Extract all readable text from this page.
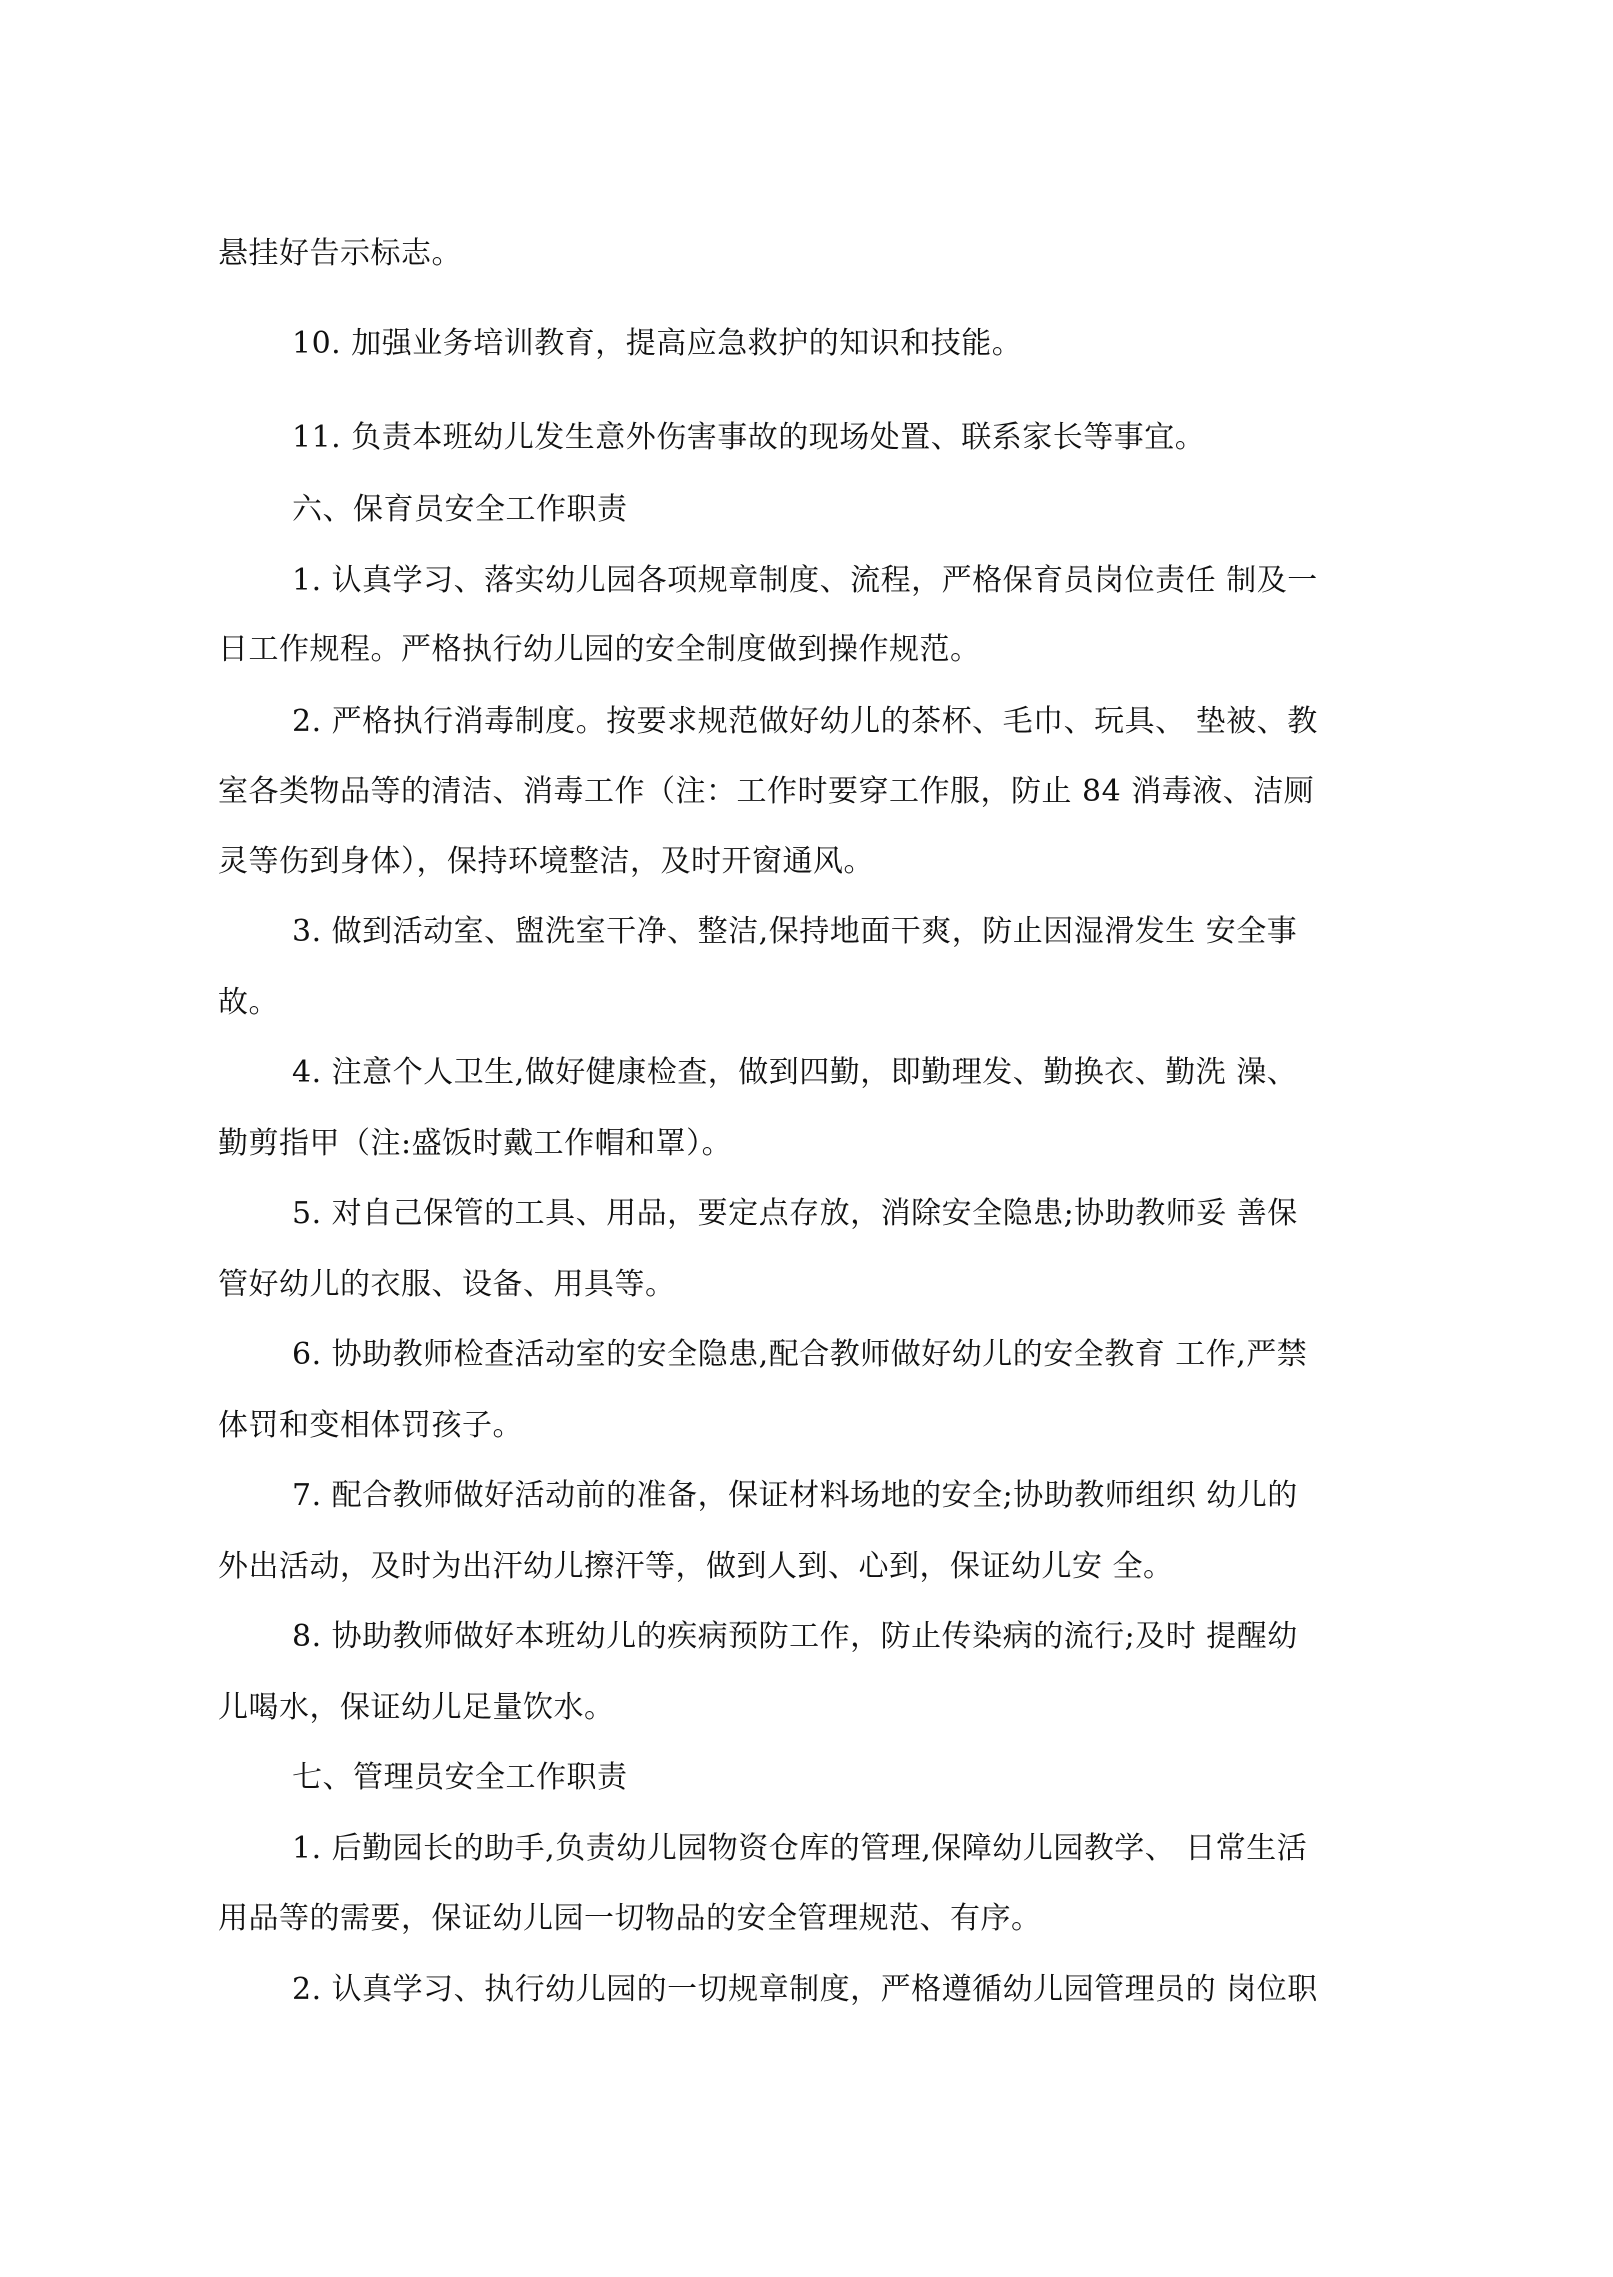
悬挂好告示标志。
10. 加强业务培训教育，提高应急救护的知识和技能。
11. 负责本班幼儿发生意外伤害事故的现场处置、联系家长等事宜。
六、保育员安全工作职责
1. 认真学习、落实幼儿园各项规章制度、流程，严格保育员岗位责任 制及一
日工作规程。严格执行幼儿园的安全制度做到操作规范。
2. 严格执行消毒制度。按要求规范做好幼儿的茶杯、毛巾、玩具、 垫被、教
室各类物品等的清洁、消毒工作（注：工作时要穿工作服，防止 84 消毒液、洁厕
灵等伤到身体），保持环境整洁，及时开窗通风。
3. 做到活动室、盥洗室干净、整洁,保持地面干爽，防止因湿滑发生 安全事
故。
4. 注意个人卫生,做好健康检查，做到四勤，即勤理发、勤换衣、勤洗 澡、
勤剪指甲（注:盛饭时戴工作帽和罩）。
5. 对自己保管的工具、用品，要定点存放，消除安全隐患;协助教师妥 善保
管好幼儿的衣服、设备、用具等。
6. 协助教师检查活动室的安全隐患,配合教师做好幼儿的安全教育 工作,严禁
体罚和变相体罚孩子。
7. 配合教师做好活动前的准备，保证材料场地的安全;协助教师组织 幼儿的
外出活动，及时为出汗幼儿擦汗等，做到人到、心到，保证幼儿安 全。
8. 协助教师做好本班幼儿的疾病预防工作，防止传染病的流行;及时 提醒幼
儿喝水，保证幼儿足量饮水。
七、管理员安全工作职责
1. 后勤园长的助手,负责幼儿园物资仓库的管理,保障幼儿园教学、 日常生活
用品等的需要，保证幼儿园一切物品的安全管理规范、有序。
2. 认真学习、执行幼儿园的一切规章制度，严格遵循幼儿园管理员的 岗位职
